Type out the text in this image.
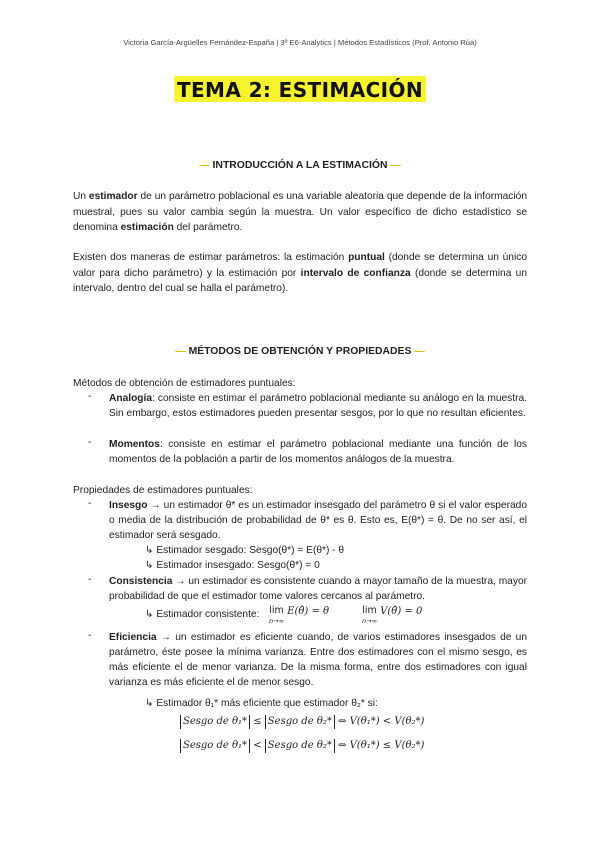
Victoria García-Argüelles Fernández-España | 3º E6-Analytics | Métodos Estadísticos (Prof. Antonio Rúa)
TEMA 2: ESTIMACIÓN
— INTRODUCCIÓN A LA ESTIMACIÓN —
Un estimador de un parámetro poblacional es una variable aleatoria que depende de la información muestral, pues su valor cambia según la muestra. Un valor específico de dicho estadístico se denomina estimación del parámetro.
Existen dos maneras de estimar parámetros: la estimación puntual (donde se determina un único valor para dicho parámetro) y la estimación por intervalo de confianza (donde se determina un intervalo, dentro del cual se halla el parámetro).
— MÉTODOS DE OBTENCIÓN Y PROPIEDADES —
Métodos de obtención de estimadores puntuales:
- Analogía: consiste en estimar el parámetro poblacional mediante su análogo en la muestra. Sin embargo, estos estimadores pueden presentar sesgos, por lo que no resultan eficientes.
- Momentos: consiste en estimar el parámetro poblacional mediante una función de los momentos de la población a partir de los momentos análogos de la muestra.
Propiedades de estimadores puntuales:
- Insesgo → un estimador θ* es un estimador insesgado del parámetro θ si el valor esperado o media de la distribución de probabilidad de θ* es θ. Esto es, E(θ*) = θ. De no ser así, el estimador será sesgado.
↳ Estimador sesgado: Sesgo(θ*) = E(θ*) - θ
↳ Estimador insesgado: Sesgo(θ*) = 0
- Consistencia → un estimador es consistente cuando a mayor tamaño de la muestra, mayor probabilidad de que el estimador tome valores cercanos al parámetro.
↳ Estimador consistente: lim
n→∞
E(θ̂) = θ	lim
n→∞
V(θ̂) = 0
- Eficiencia → un estimador es eficiente cuando, de varios estimadores insesgados de un parámetro, éste posee la mínima varianza. Entre dos estimadores con el mismo sesgo, es más eficiente el de menor varianza. De la misma forma, entre dos estimadores con igual varianza es más eficiente el de menor sesgo.
↳ Estimador θ₁* más eficiente que estimador θ₂* si:
Sesgo de θ₁* ≤ Sesgo de θ₂* ⇔ V(θ₁*) < V(θ₂*)
Sesgo de θ₁* < Sesgo de θ₂* ⇔ V(θ₁*) ≤ V(θ₂*)
